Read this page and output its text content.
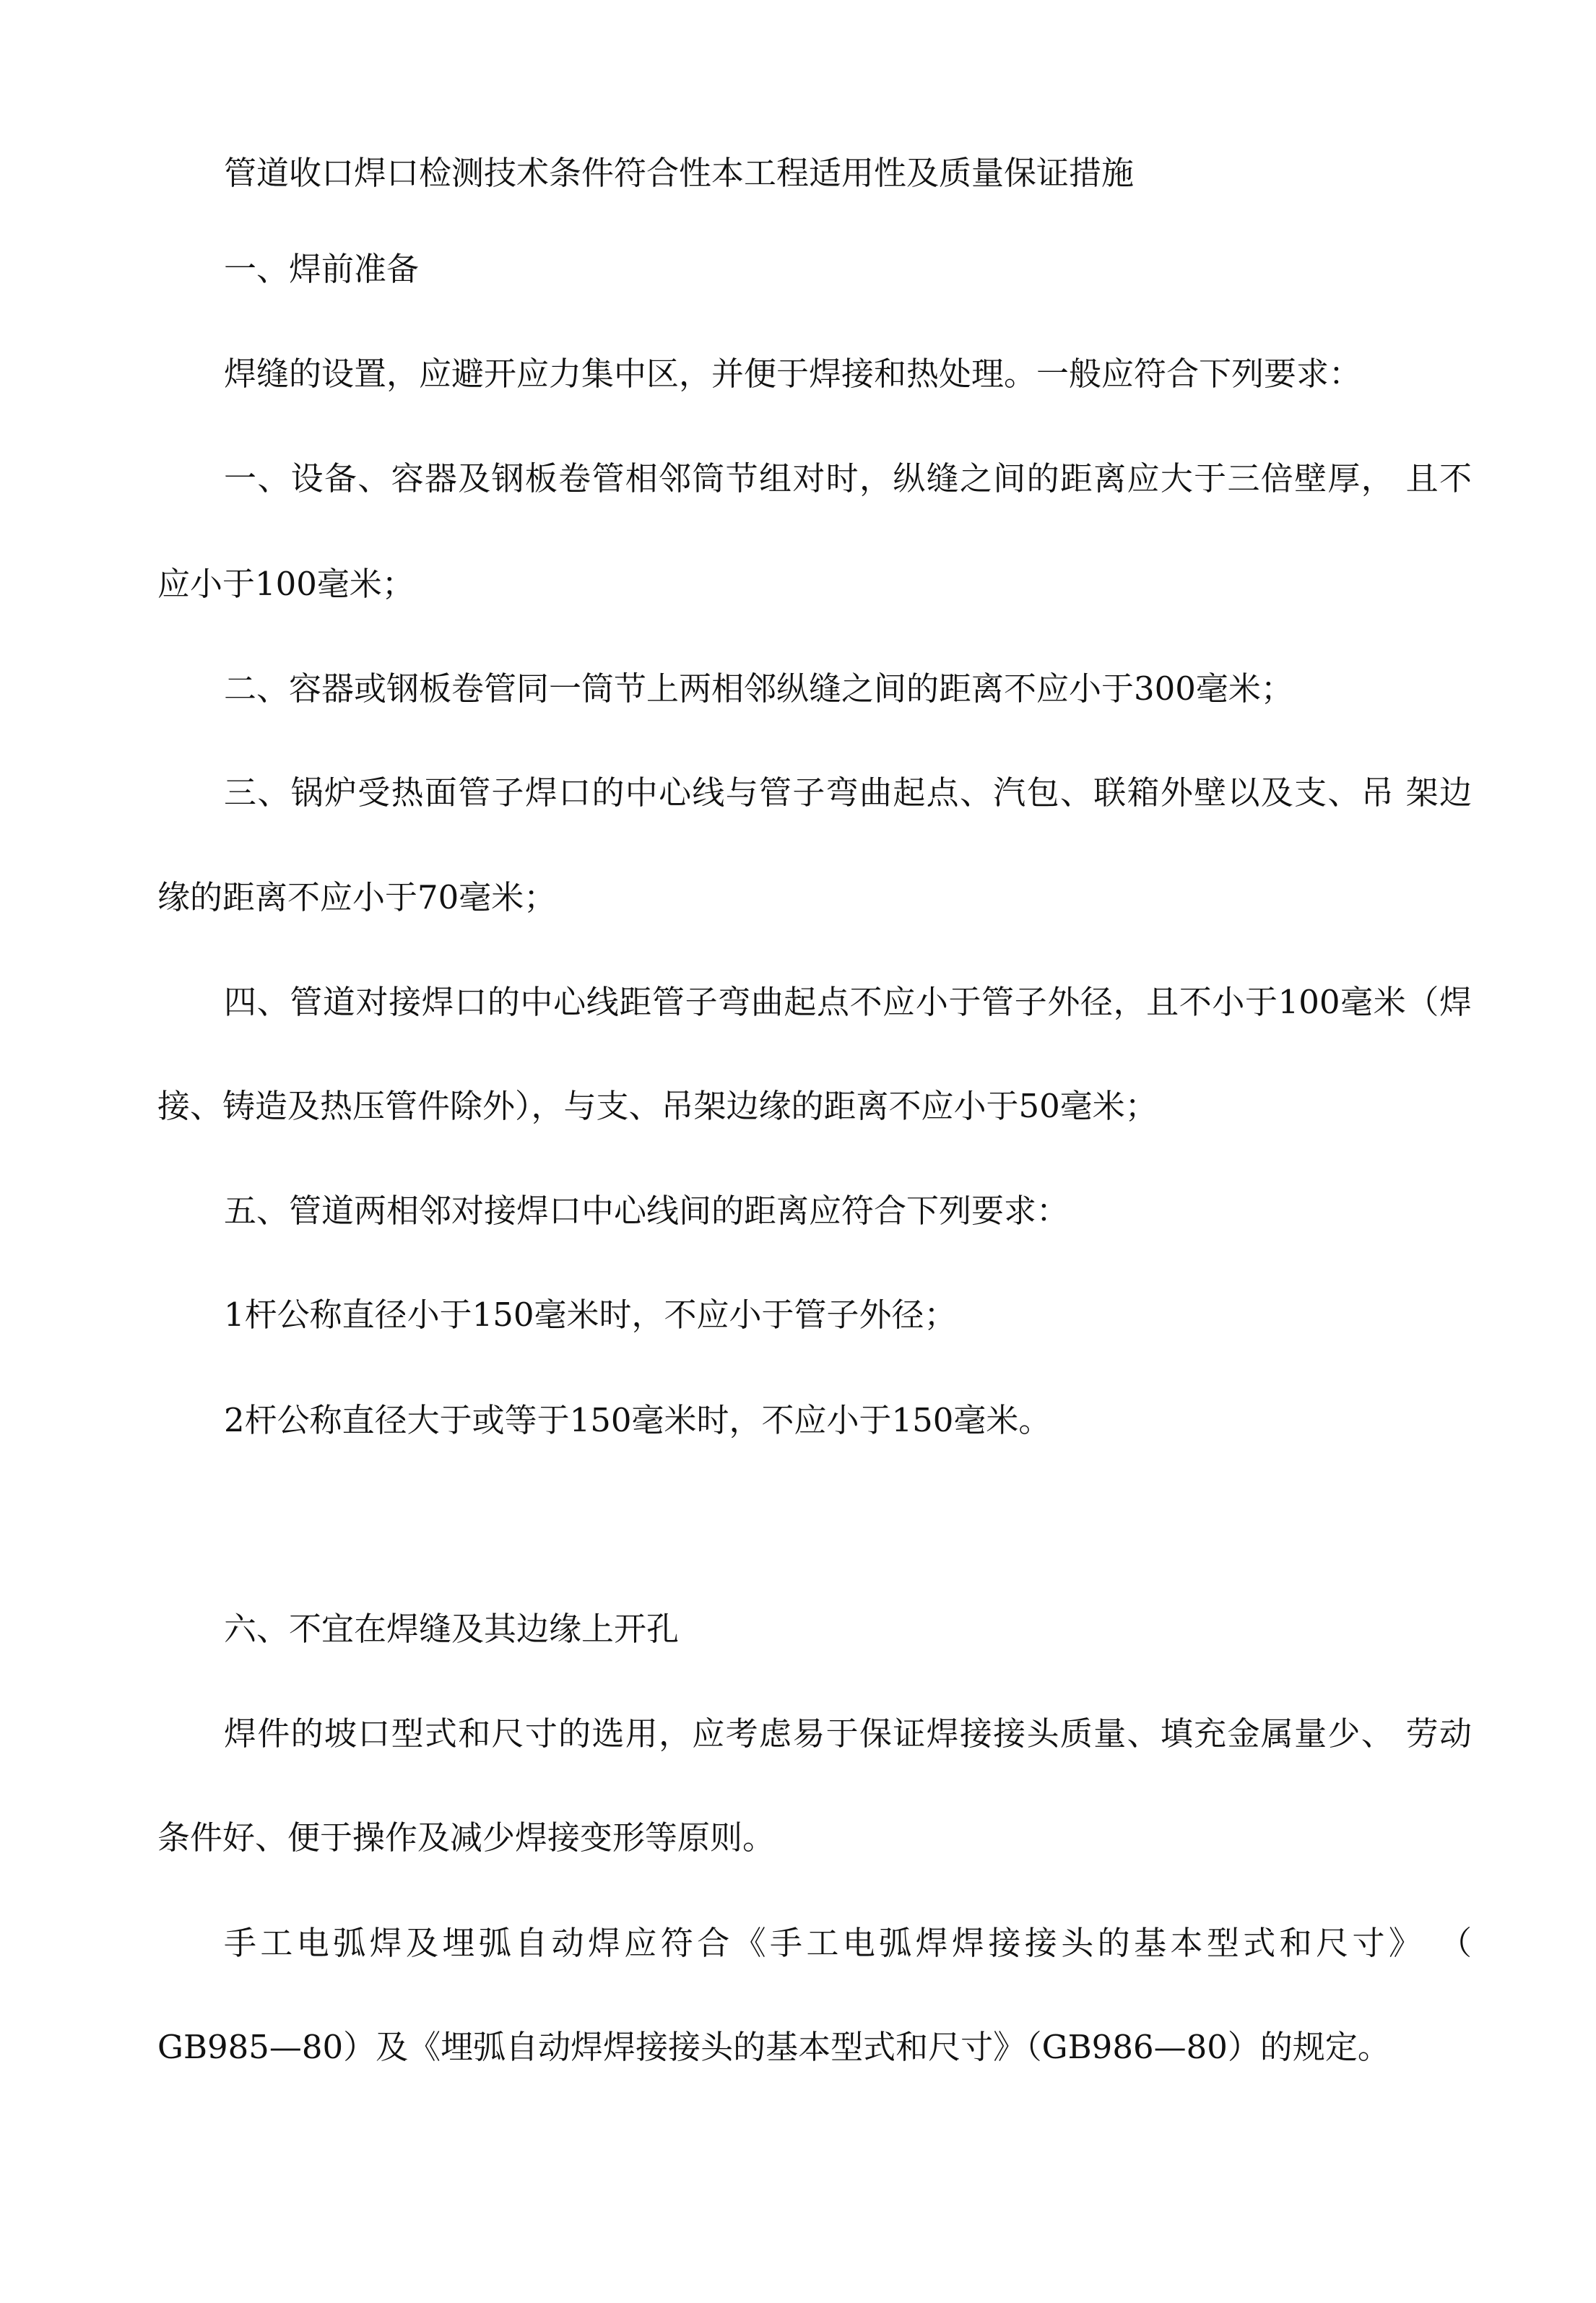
管道收口焊口检测技术条件符合性本工程适用性及质量保证措施
一、焊前准备
焊缝的设置，应避开应力集中区，并便于焊接和热处理。一般应符合下列要求：
一、设备、容器及钢板卷管相邻筒节组对时，纵缝之间的距离应大于三倍壁厚， 且不
应小于100毫米；
二、容器或钢板卷管同一筒节上两相邻纵缝之间的距离不应小于300毫米；
三、锅炉受热面管子焊口的中心线与管子弯曲起点、汽包、联箱外壁以及支、吊 架边
缘的距离不应小于70毫米；
四、管道对接焊口的中心线距管子弯曲起点不应小于管子外径，且不小于100毫米（焊
接、铸造及热压管件除外），与支、吊架边缘的距离不应小于50毫米；
五、管道两相邻对接焊口中心线间的距离应符合下列要求：
1杆公称直径小于150毫米时，不应小于管子外径；
2杆公称直径大于或等于150毫米时，不应小于150毫米。
六、不宜在焊缝及其边缘上开孔
焊件的坡口型式和尺寸的选用，应考虑易于保证焊接接头质量、填充金属量少、 劳动
条件好、便于操作及减少焊接变形等原则。
手工电弧焊及埋弧自动焊应符合《手工电弧焊焊接接头的基本型式和尺寸》 （
GB985—80）及《埋弧自动焊焊接接头的基本型式和尺寸》（GB986—80）的规定。
